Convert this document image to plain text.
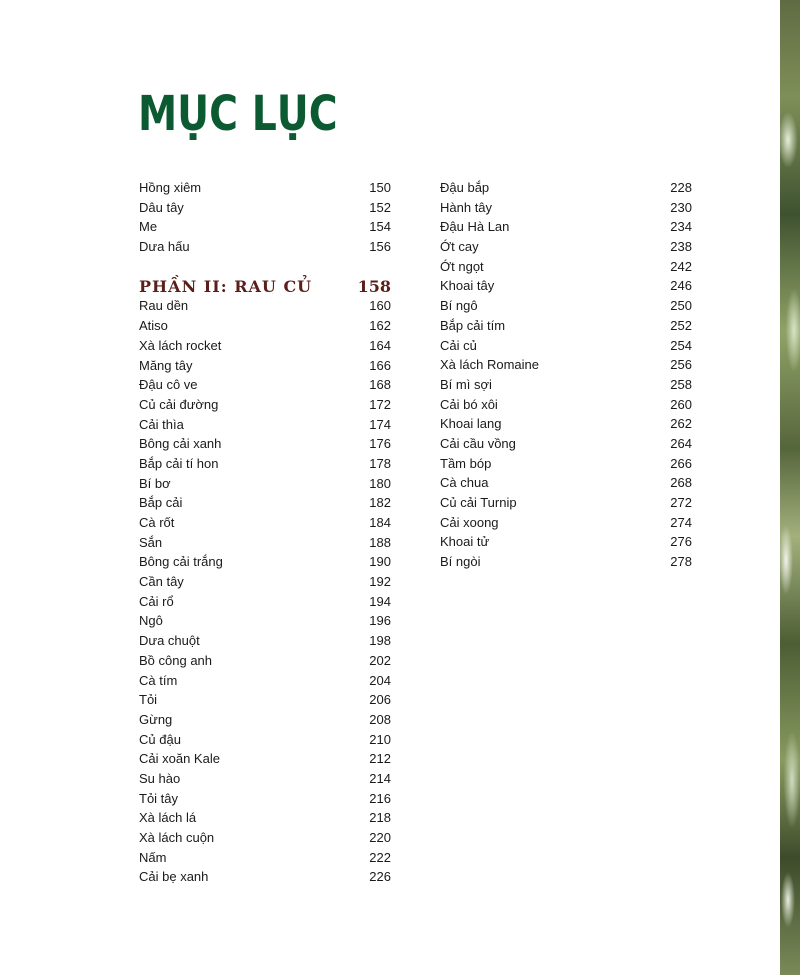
MỤC LỤC
Hồng xiêm	150
Dâu tây	152
Me	154
Dưa hấu	156
PHẦN II: RAU CỦ	158
Rau dền	160
Atiso	162
Xà lách rocket	164
Măng tây	166
Đậu cô ve	168
Củ cải đường	172
Cải thìa	174
Bông cải xanh	176
Bắp cải tí hon	178
Bí bơ	180
Bắp cải	182
Cà rốt	184
Sắn	188
Bông cải trắng	190
Cần tây	192
Cải rổ	194
Ngô	196
Dưa chuột	198
Bồ công anh	202
Cà tím	204
Tỏi	206
Gừng	208
Củ đậu	210
Cải xoăn Kale	212
Su hào	214
Tỏi tây	216
Xà lách lá	218
Xà lách cuộn	220
Nấm	222
Cải bẹ xanh	226
Đậu bắp	228
Hành tây	230
Đậu Hà Lan	234
Ớt cay	238
Ớt ngọt	242
Khoai tây	246
Bí ngô	250
Bắp cải tím	252
Cải củ	254
Xà lách Romaine	256
Bí mì sợi	258
Cải bó xôi	260
Khoai lang	262
Cải cầu vồng	264
Tầm bóp	266
Cà chua	268
Củ cải Turnip	272
Cải xoong	274
Khoai tử	276
Bí ngòi	278
